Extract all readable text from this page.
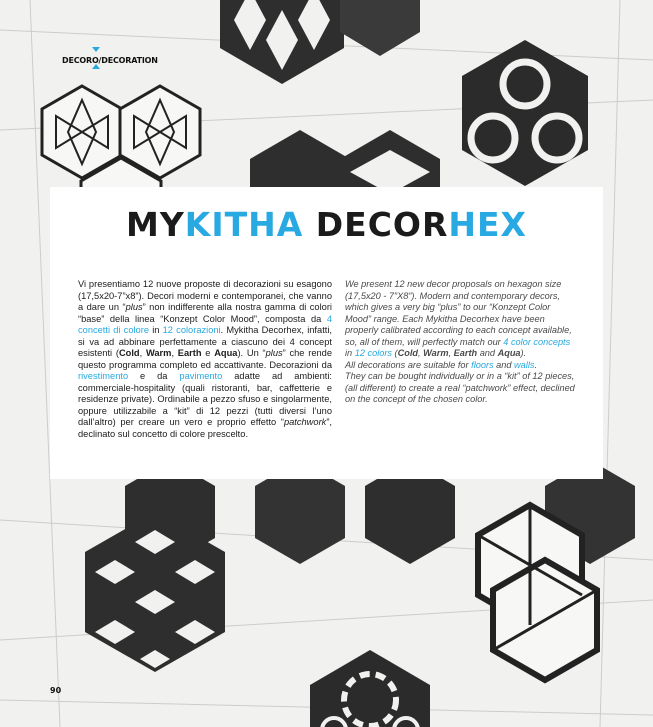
DECORO/DECORATION
MYKITHA DECORHEX
Vi presentiamo 12 nuove proposte di decorazioni su esagono (17,5x20-7”x8”). Decori moderni e contemporanei, che vanno a dare un “plus” non indifferente alla nostra gamma di colori “base” della linea “Konzept Color Mood”, composta da 4 concetti di colore in 12 colorazioni. Mykitha Decorhex, infatti, si va ad abbinare perfettamente a ciascuno dei 4 concept esistenti (Cold, Warm, Earth e Aqua). Un “plus” che rende questo programma completo ed accattivante. Decorazioni da rivestimento e da pavimento adatte ad ambienti: commerciale-hospitality (quali ristoranti, bar, caffetterie e residenze private). Ordinabile a pezzo sfuso e singolarmente, oppure utilizzabile a “kit” di 12 pezzi (tutti diversi l’uno dall’altro) per creare un vero e proprio effetto “patchwork”, declinato sul concetto di colore prescelto.

We present 12 new decor proposals on hexagon size (17,5x20 - 7”X8”). Modern and contemporary decors, which gives a very big “plus” to our “Konzept Color Mood” range. Each Mykitha Decorhex have been properly calibrated according to each concept available, so, all of them, will perfectly match our 4 color concepts in 12 colors (Cold, Warm, Earth and Aqua).

All decorations are suitable for floors and walls.

They can be bought individually or in a “kit” of 12 pieces, (all different) to create a real “patchwork” effect, declined on the concept of the chosen color.

90
